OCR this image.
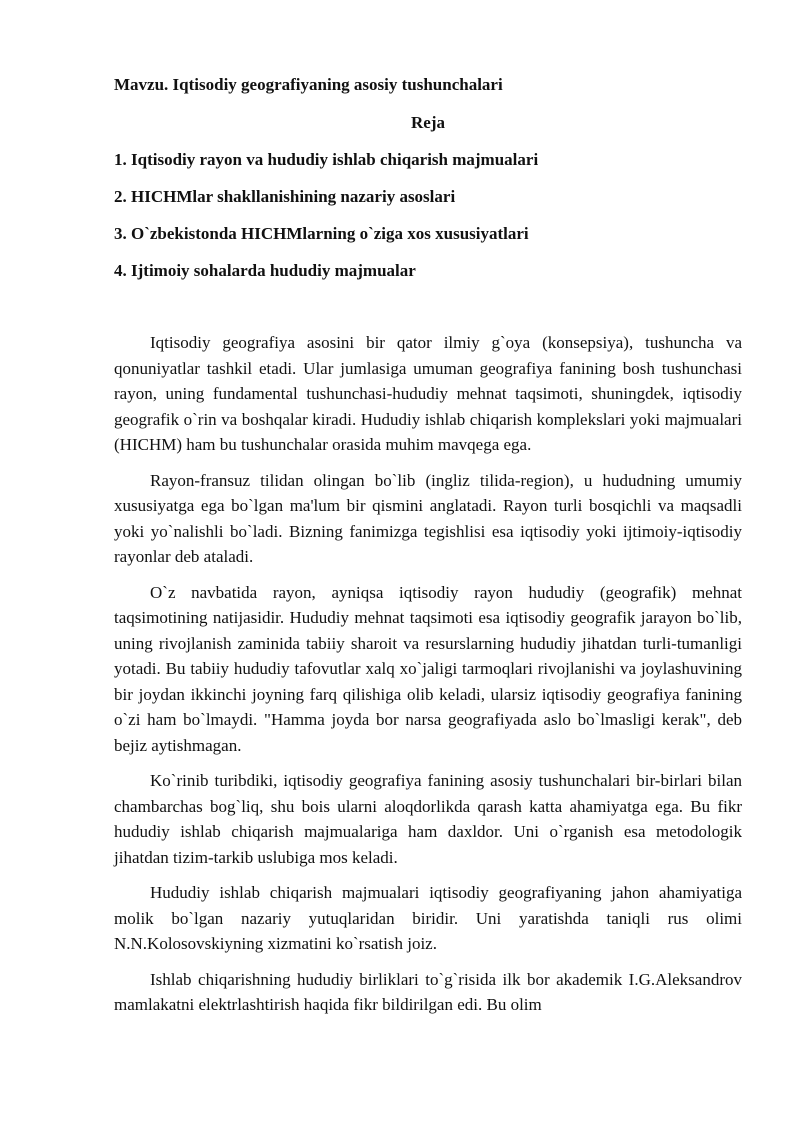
Mavzu. Iqtisodiy geografiyaning asosiy tushunchalari

Reja

1. Iqtisodiy rayon va hududiy ishlab chiqarish majmualari

2. HICHMlar shakllanishining nazariy asoslari

3. O`zbekistonda HICHMlarning o`ziga xos xususiyatlari

4. Ijtimoiy sohalarda hududiy majmualar

Iqtisodiy geografiya asosini bir qator ilmiy g`oya (konsepsiya), tushuncha va qonuniyatlar tashkil etadi. Ular jumlasiga umuman geografiya fanining bosh tushunchasi rayon, uning fundamental tushunchasi-hududiy mehnat taqsimoti, shuningdek, iqtisodiy geografik o`rin va boshqalar kiradi. Hududiy ishlab chiqarish komplekslari yoki majmualari (HICHM) ham bu tushunchalar orasida muhim mavqega ega.

Rayon-fransuz tilidan olingan bo`lib (ingliz tilida-region), u hududning umumiy xususiyatga ega bo`lgan ma'lum bir qismini anglatadi. Rayon turli bosqichli va maqsadli yoki yo`nalishli bo`ladi. Bizning fanimizga tegishlisi esa iqtisodiy yoki ijtimoiy-iqtisodiy rayonlar deb ataladi.

O`z navbatida rayon, ayniqsa iqtisodiy rayon hududiy (geografik) mehnat taqsimotining natijasidir. Hududiy mehnat taqsimoti esa iqtisodiy geografik jarayon bo`lib, uning rivojlanish zaminida tabiiy sharoit va resurslarning hududiy jihatdan turli-tumanligi yotadi. Bu tabiiy hududiy tafovutlar xalq xo`jaligi tarmoqlari rivojlanishi va joylashuvining bir joydan ikkinchi joyning farq qilishiga olib keladi, ularsiz iqtisodiy geografiya fanining o`zi ham bo`lmaydi. "Hamma joyda bor narsa geografiyada aslo bo`lmasligi kerak", deb bejiz aytishmagan.

Ko`rinib turibdiki, iqtisodiy geografiya fanining asosiy tushunchalari bir-birlari bilan chambarchas bog`liq, shu bois ularni aloqdorlikda qarash katta ahamiyatga ega. Bu fikr hududiy ishlab chiqarish majmualariga ham daxldor. Uni o`rganish esa metodologik jihatdan tizim-tarkib uslubiga mos keladi.

Hududiy ishlab chiqarish majmualari iqtisodiy geografiyaning jahon ahamiyatiga molik bo`lgan nazariy yutuqlaridan biridir. Uni yaratishda taniqli rus olimi N.N.Kolosovskiyning xizmatini ko`rsatish joiz.

Ishlab chiqarishning hududiy birliklari to`g`risida ilk bor akademik I.G.Aleksandrov mamlakatni elektrlashtirish haqida fikr bildirilgan edi. Bu olim
